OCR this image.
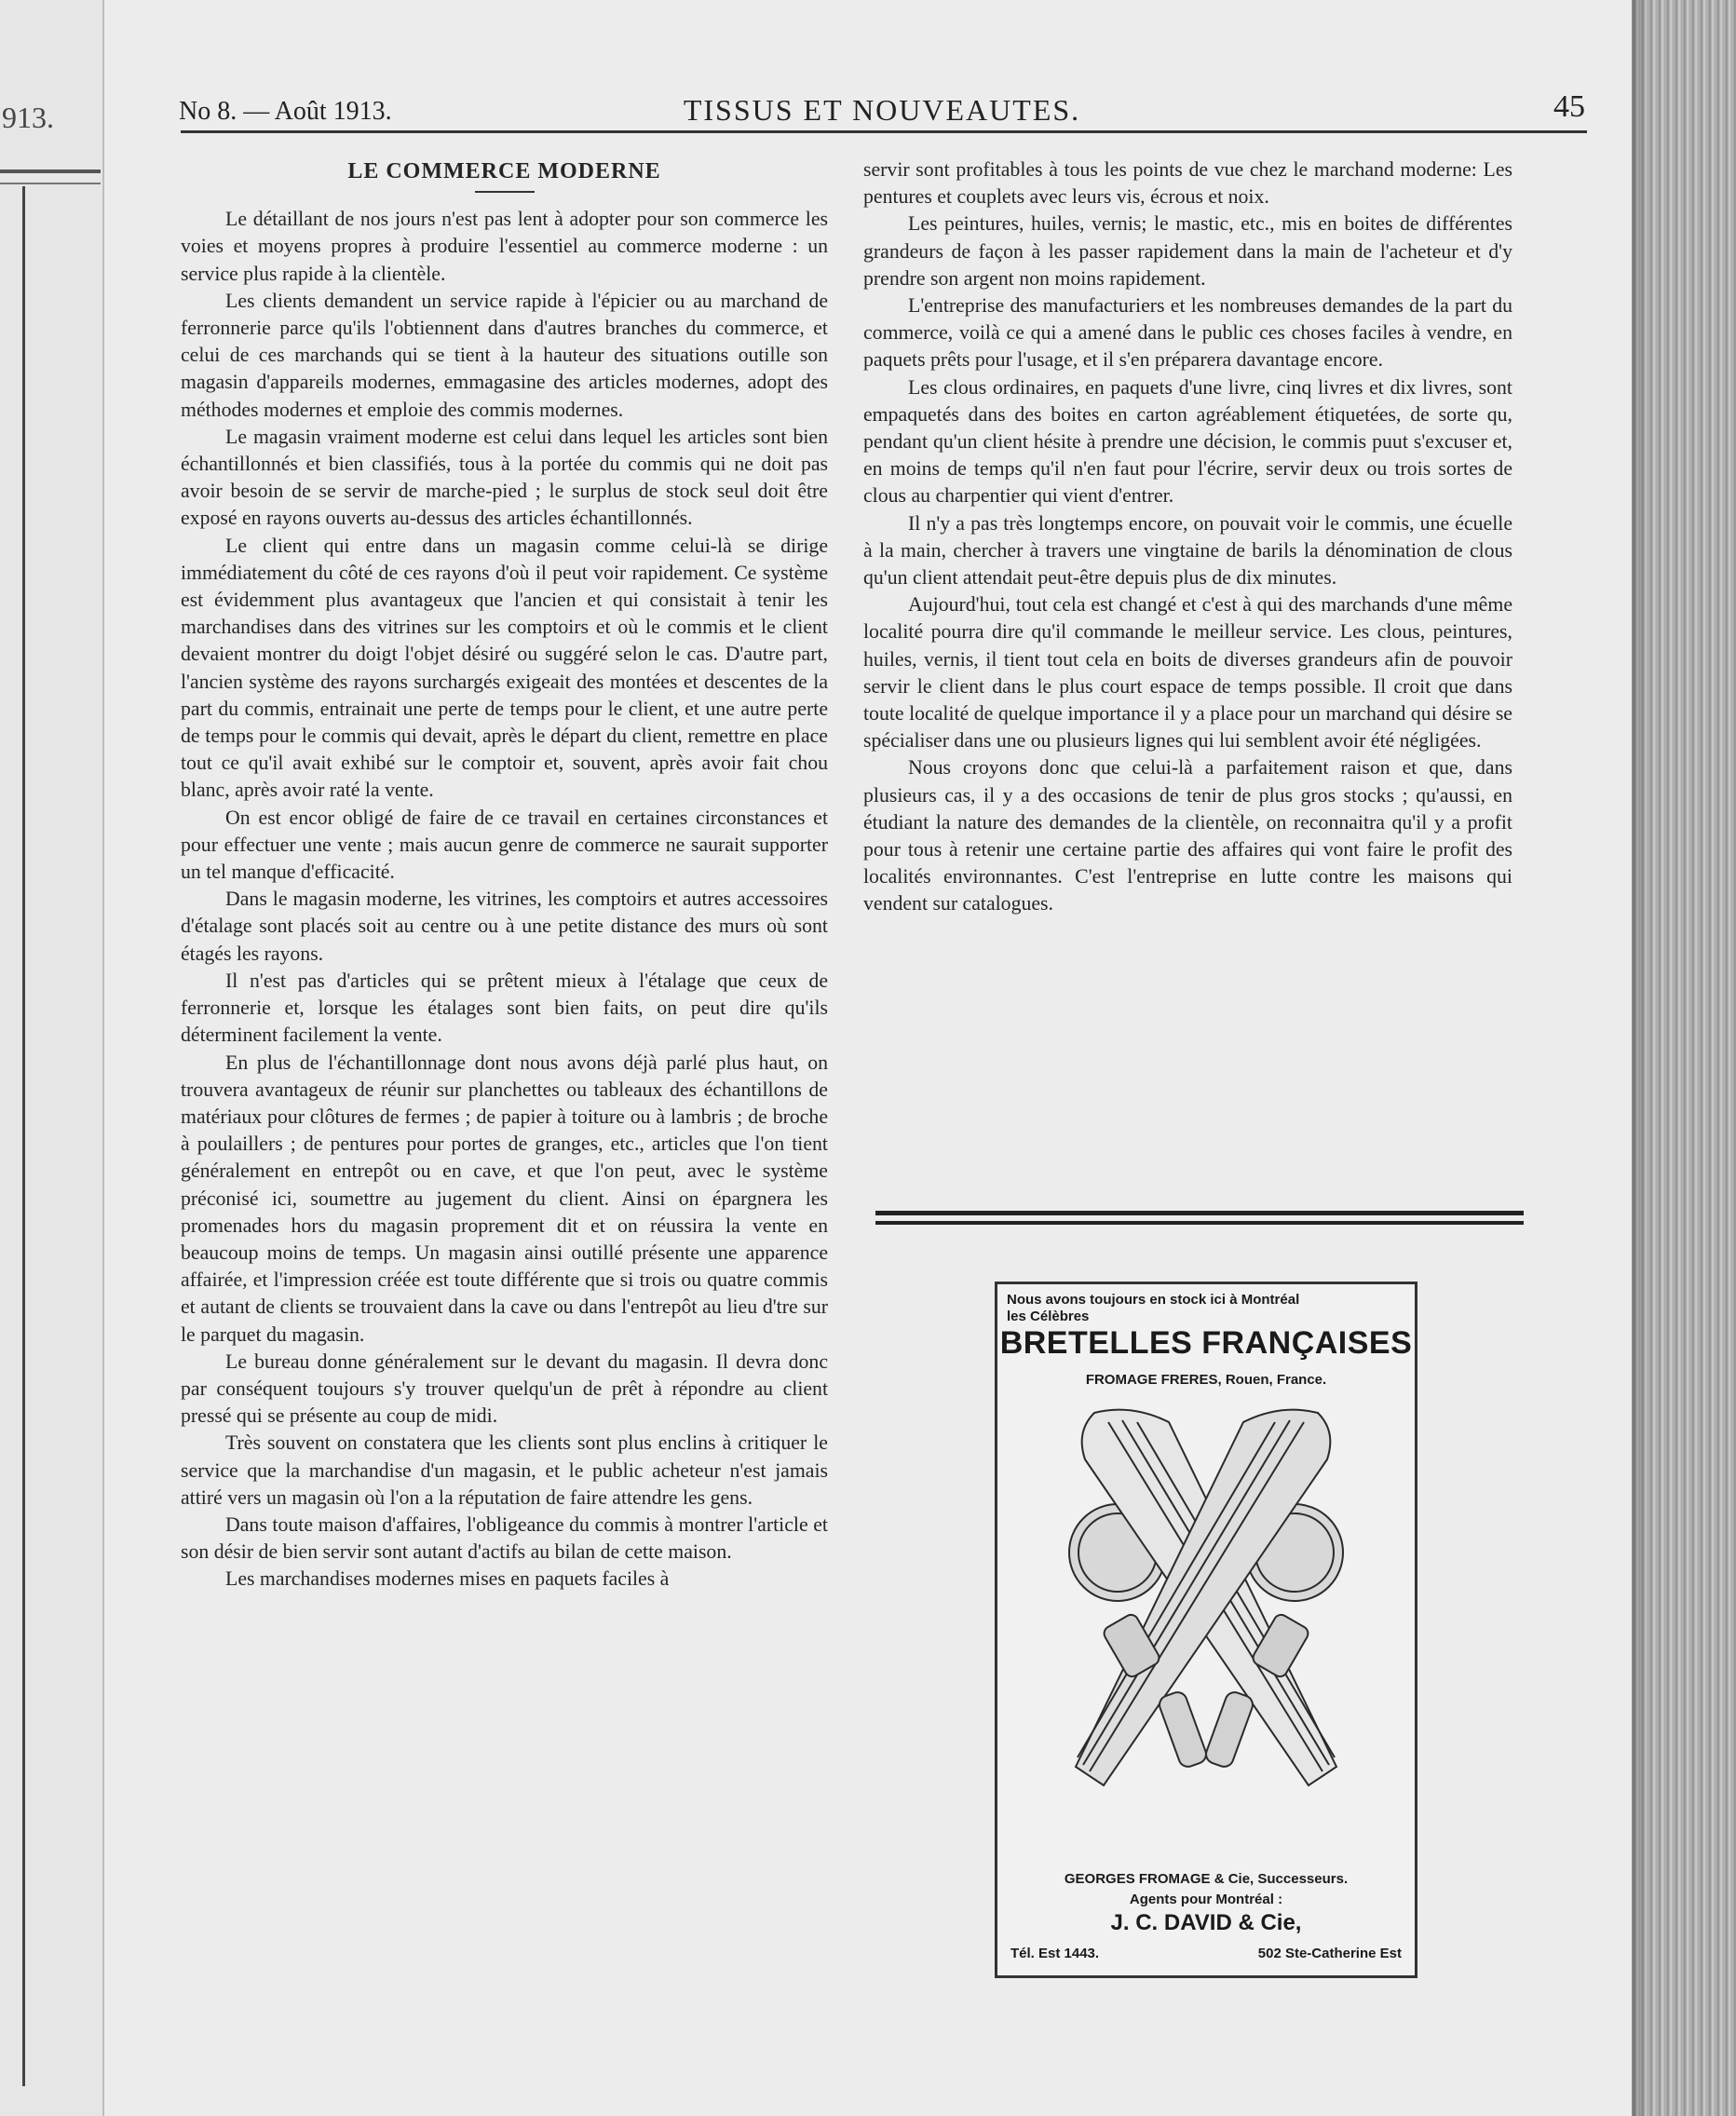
913.	No 8. — Août 1913.	TISSUS ET NOUVEAUTES.	45
LE COMMERCE MODERNE

Le détaillant de nos jours n'est pas lent à adopter pour son commerce les voies et moyens propres à produire l'essentiel au commerce moderne : un service plus rapide à la clientèle.

Les clients demandent un service rapide à l'épicier ou au marchand de ferronnerie parce qu'ils l'obtiennent dans d'autres branches du commerce, et celui de ces marchands qui se tient à la hauteur des situations outille son magasin d'appareils modernes, emmagasine des articles modernes, adopt des méthodes modernes et emploie des commis modernes.

Le magasin vraiment moderne est celui dans lequel les articles sont bien échantillonnés et bien classifiés, tous à la portée du commis qui ne doit pas avoir besoin de se servir de marche-pied ; le surplus de stock seul doit être exposé en rayons ouverts au-dessus des articles échantillonnés.

Le client qui entre dans un magasin comme celui-là se dirige immédiatement du côté de ces rayons d'où il peut voir rapidement. Ce système est évidemment plus avantageux que l'ancien et qui consistait à tenir les marchandises dans des vitrines sur les comptoirs et où le commis et le client devaient montrer du doigt l'objet désiré ou suggéré selon le cas. D'autre part, l'ancien système des rayons surchargés exigeait des montées et descentes de la part du commis, entrainait une perte de temps pour le client, et une autre perte de temps pour le commis qui devait, après le départ du client, remettre en place tout ce qu'il avait exhibé sur le comptoir et, souvent, après avoir fait chou blanc, après avoir raté la vente.

On est encor obligé de faire de ce travail en certaines circonstances et pour effectuer une vente ; mais aucun genre de commerce ne saurait supporter un tel manque d'efficacité.

Dans le magasin moderne, les vitrines, les comptoirs et autres accessoires d'étalage sont placés soit au centre ou à une petite distance des murs où sont étagés les rayons.

Il n'est pas d'articles qui se prêtent mieux à l'étalage que ceux de ferronnerie et, lorsque les étalages sont bien faits, on peut dire qu'ils déterminent facilement la vente.

En plus de l'échantillonnage dont nous avons déjà parlé plus haut, on trouvera avantageux de réunir sur planchettes ou tableaux des échantillons de matériaux pour clôtures de fermes ; de papier à toiture ou à lambris ; de broche à poulaillers ; de pentures pour portes de granges, etc., articles que l'on tient généralement en entrepôt ou en cave, et que l'on peut, avec le système préconisé ici, soumettre au jugement du client. Ainsi on épargnera les promenades hors du magasin proprement dit et on réussira la vente en beaucoup moins de temps. Un magasin ainsi outillé présente une apparence affairée, et l'impression créée est toute différente que si trois ou quatre commis et autant de clients se trouvaient dans la cave ou dans l'entrepôt au lieu d'tre sur le parquet du magasin.

Le bureau donne généralement sur le devant du magasin. Il devra donc par conséquent toujours s'y trouver quelqu'un de prêt à répondre au client pressé qui se présente au coup de midi.

Très souvent on constatera que les clients sont plus enclins à critiquer le service que la marchandise d'un magasin, et le public acheteur n'est jamais attiré vers un magasin où l'on a la réputation de faire attendre les gens.

Dans toute maison d'affaires, l'obligeance du commis à montrer l'article et son désir de bien servir sont autant d'actifs au bilan de cette maison.

Les marchandises modernes mises en paquets faciles à

servir sont profitables à tous les points de vue chez le marchand moderne: Les pentures et couplets avec leurs vis, écrous et noix.

Les peintures, huiles, vernis; le mastic, etc., mis en boites de différentes grandeurs de façon à les passer rapidement dans la main de l'acheteur et d'y prendre son argent non moins rapidement.

L'entreprise des manufacturiers et les nombreuses demandes de la part du commerce, voilà ce qui a amené dans le public ces choses faciles à vendre, en paquets prêts pour l'usage, et il s'en préparera davantage encore.

Les clous ordinaires, en paquets d'une livre, cinq livres et dix livres, sont empaquetés dans des boites en carton agréablement étiquetées, de sorte qu, pendant qu'un client hésite à prendre une décision, le commis puut s'excuser et, en moins de temps qu'il n'en faut pour l'écrire, servir deux ou trois sortes de clous au charpentier qui vient d'entrer.

Il n'y a pas très longtemps encore, on pouvait voir le commis, une écuelle à la main, chercher à travers une vingtaine de barils la dénomination de clous qu'un client attendait peut-être depuis plus de dix minutes.

Aujourd'hui, tout cela est changé et c'est à qui des marchands d'une même localité pourra dire qu'il commande le meilleur service. Les clous, peintures, huiles, vernis, il tient tout cela en boits de diverses grandeurs afin de pouvoir servir le client dans le plus court espace de temps possible. Il croit que dans toute localité de quelque importance il y a place pour un marchand qui désire se spécialiser dans une ou plusieurs lignes qui lui semblent avoir été négligées.

Nous croyons donc que celui-là a parfaitement raison et que, dans plusieurs cas, il y a des occasions de tenir de plus gros stocks ; qu'aussi, en étudiant la nature des demandes de la clientèle, on reconnaitra qu'il y a profit pour tous à retenir une certaine partie des affaires qui vont faire le profit des localités environnantes. C'est l'entreprise en lutte contre les maisons qui vendent sur catalogues.

Nous avons toujours en stock ici à Montréal
les Célèbres
BRETELLES FRANÇAISES
FROMAGE FRERES, Rouen, France.
GEORGES FROMAGE & Cie, Successeurs.
Agents pour Montréal :
J. C. DAVID & Cie,
Tél. Est 1443.	502 Ste-Catherine Est
